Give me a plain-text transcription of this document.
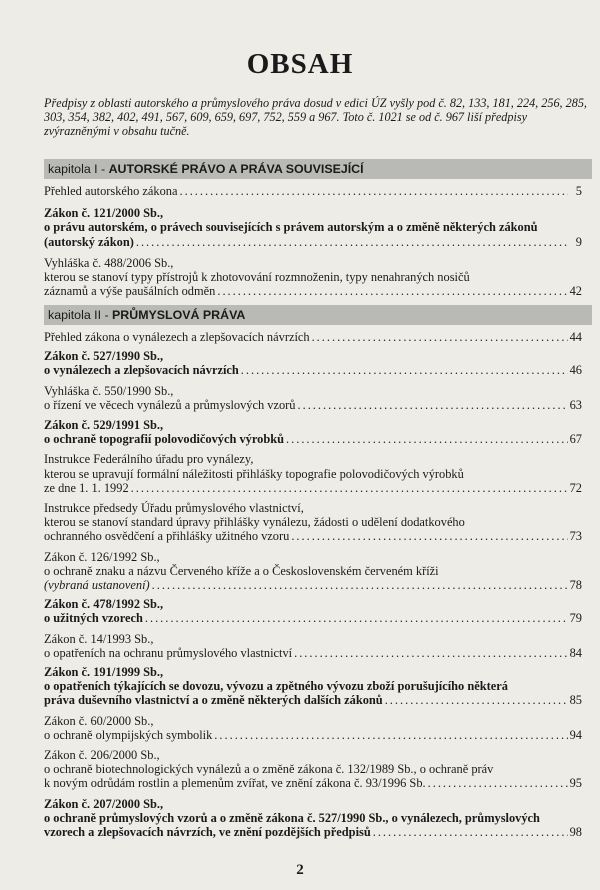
OBSAH
Předpisy z oblasti autorského a průmyslového práva dosud v edici ÚZ vyšly pod č. 82, 133, 181, 224, 256, 285, 303, 354, 382, 402, 491, 567, 609, 659, 697, 752, 559 a 967. Toto č. 1021 se od č. 967 liší předpisy zvýrazněnými v obsahu tučně.
kapitola I - AUTORSKÉ PRÁVO A PRÁVA SOUVISEJÍCÍ
Přehled autorského zákona .....	5
Zákon č. 121/2000 Sb.,
o právu autorském, o právech souvisejících s právem autorským a o změně některých zákonů
(autorský zákon) .....	9
Vyhláška č. 488/2006 Sb.,
kterou se stanoví typy přístrojů k zhotovování rozmnoženin, typy nenahraných nosičů
záznamů a výše paušálních odměn .....	42
kapitola II - PRŮMYSLOVÁ PRÁVA
Přehled zákona o vynálezech a zlepšovacích návrzích .....	44
Zákon č. 527/1990 Sb.,
o vynálezech a zlepšovacích návrzích .....	46
Vyhláška č. 550/1990 Sb.,
o řízení ve věcech vynálezů a průmyslových vzorů .....	63
Zákon č. 529/1991 Sb.,
o ochraně topografií polovodičových výrobků .....	67
Instrukce Federálního úřadu pro vynálezy,
kterou se upravují formální náležitosti přihlášky topografie polovodičových výrobků
ze dne 1. 1. 1992 .....	72
Instrukce předsedy Úřadu průmyslového vlastnictví,
kterou se stanoví standard úpravy přihlášky vynálezu, žádosti o udělení dodatkového
ochranného osvědčení a přihlášky užitného vzoru .....	73
Zákon č. 126/1992 Sb.,
o ochraně znaku a názvu Červeného kříže a o Československém červeném kříži
(vybraná ustanovení) .....	78
Zákon č. 478/1992 Sb.,
o užitných vzorech .....	79
Zákon č. 14/1993 Sb.,
o opatřeních na ochranu průmyslového vlastnictví .....	84
Zákon č. 191/1999 Sb.,
o opatřeních týkajících se dovozu, vývozu a zpětného vývozu zboží porušujícího některá
práva duševního vlastnictví a o změně některých dalších zákonů .....	85
Zákon č. 60/2000 Sb.,
o ochraně olympijských symbolik .....	94
Zákon č. 206/2000 Sb.,
o ochraně biotechnologických vynálezů a o změně zákona č. 132/1989 Sb., o ochraně práv
k novým odrůdám rostlin a plemenům zvířat, ve znění zákona č. 93/1996 Sb. .....	95
Zákon č. 207/2000 Sb.,
o ochraně průmyslových vzorů a o změně zákona č. 527/1990 Sb., o vynálezech, průmyslových
vzorech a zlepšovacích návrzích, ve znění pozdějších předpisů .....	98
2
